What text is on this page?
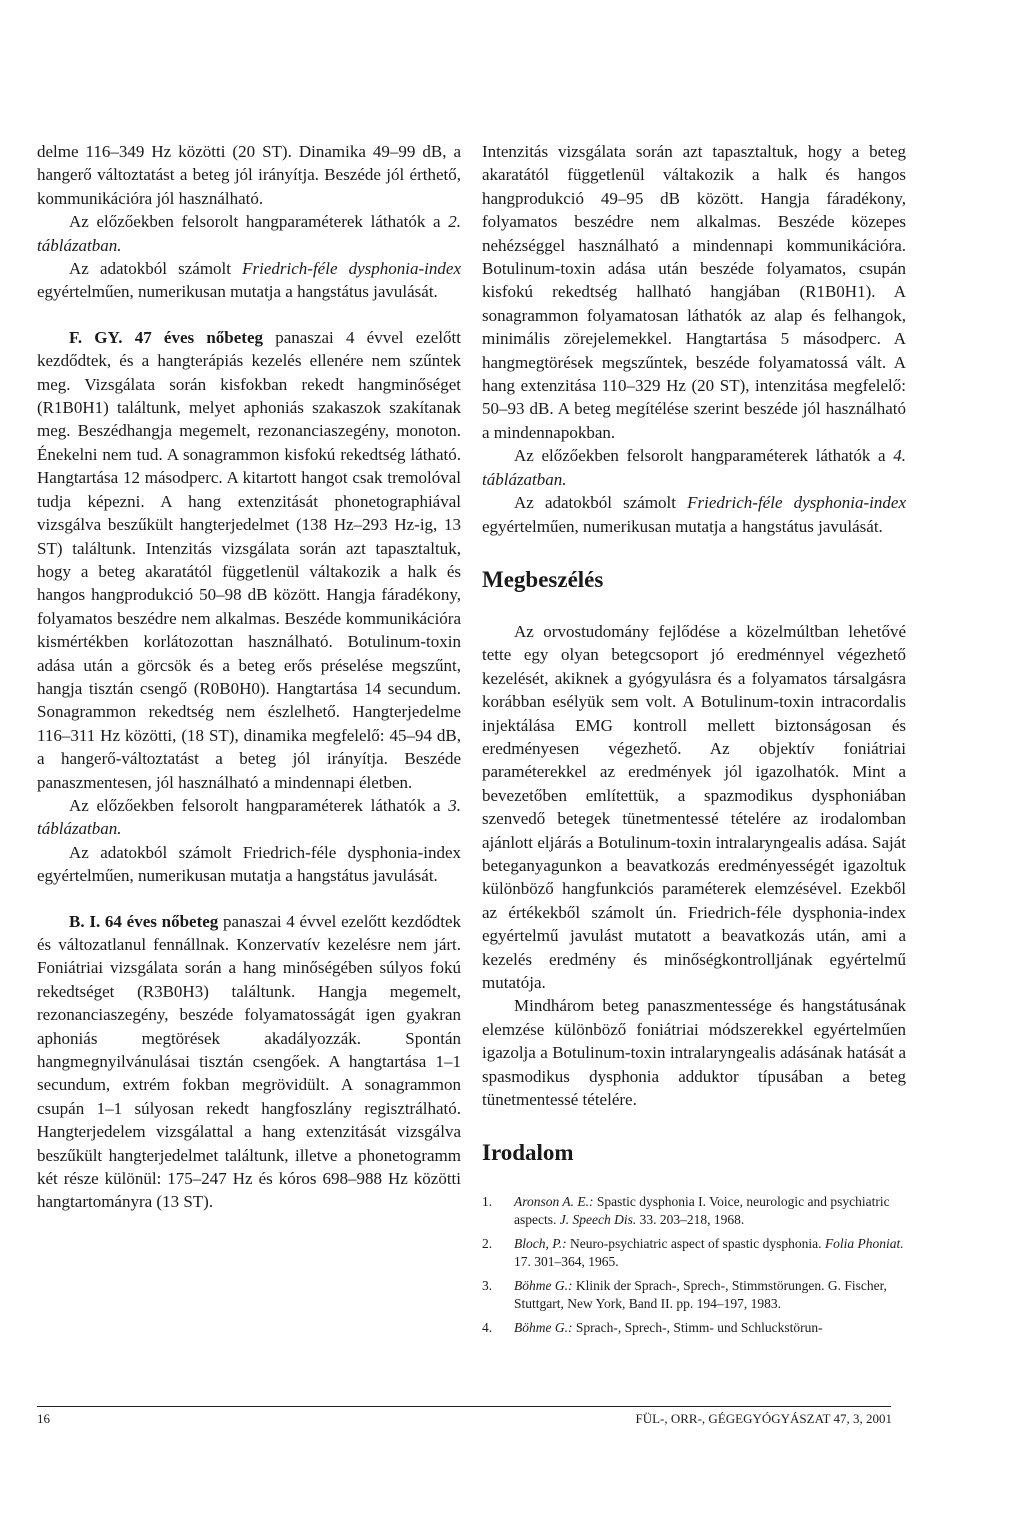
delme 116–349 Hz közötti (20 ST). Dinamika 49–99 dB, a hangerő változtatást a beteg jól irányítja. Beszéde jól érthető, kommunikációra jól használható.

Az előzőekben felsorolt hangparaméterek láthatók a 2. táblázatban.

Az adatokból számolt Friedrich-féle dysphonia-index egyértelműen, numerikusan mutatja a hangstátus javulását.

F. GY. 47 éves nőbeteg panaszai 4 évvel ezelőtt kezdődtek, és a hangterápiás kezelés ellenére nem szűntek meg. Vizsgálata során kisfokban rekedt hangminőséget (R1B0H1) találtunk, melyet aphoniás szakaszok szakítanak meg. Beszédhangja megemelt, rezonanciaszegény, monoton. Énekelni nem tud. A sonagrammon kisfokú rekedtség látható. Hangtartása 12 másodperc. A kitartott hangot csak tremolóval tudja képezni. A hang extenzitását phonetographiával vizsgálva beszűkült hangterjedelmet (138 Hz–293 Hz-ig, 13 ST) találtunk. Intenzitás vizsgálata során azt tapasztaltuk, hogy a beteg akaratától függetlenül váltakozik a halk és hangos hangprodukció 50–98 dB között. Hangja fáradékony, folyamatos beszédre nem alkalmas. Beszéde kommunikációra kismértékben korlátozottan használható. Botulinum-toxin adása után a görcsök és a beteg erős préselése megszűnt, hangja tisztán csengő (R0B0H0). Hangtartása 14 secundum. Sonagrammon rekedtség nem észlelhető. Hangterjedelme 116–311 Hz közötti, (18 ST), dinamika megfelelő: 45–94 dB, a hangerő-változtatást a beteg jól irányítja. Beszéde panaszmentesen, jól használható a mindennapi életben.

Az előzőekben felsorolt hangparaméterek láthatók a 3. táblázatban.

Az adatokból számolt Friedrich-féle dysphonia-index egyértelműen, numerikusan mutatja a hangstátus javulását.

B. I. 64 éves nőbeteg panaszai 4 évvel ezelőtt kezdődtek és változatlanul fennállnak. Konzervatív kezelésre nem járt. Foniátriai vizsgálata során a hang minőségében súlyos fokú rekedtséget (R3B0H3) találtunk. Hangja megemelt, rezonanciaszegény, beszéde folyamatosságát igen gyakran aphoniás megtörések akadályozzák. Spontán hangmegnyilvánulásai tisztán csengőek. A hangtartása 1–1 secundum, extrém fokban megrövidült. A sonagrammon csupán 1–1 súlyosan rekedt hangfoszlány regisztrálható. Hangterjedelem vizsgálattal a hang extenzitását vizsgálva beszűkült hangterjedelmet találtunk, illetve a phonetogramm két része különül: 175–247 Hz és kóros 698–988 Hz közötti hangtartományra (13 ST).

Intenzitás vizsgálata során azt tapasztaltuk, hogy a beteg akaratától függetlenül váltakozik a halk és hangos hangprodukció 49–95 dB között. Hangja fáradékony, folyamatos beszédre nem alkalmas. Beszéde közepes nehézséggel használható a mindennapi kommunikációra. Botulinum-toxin adása után beszéde folyamatos, csupán kisfokú rekedtség hallható hangjában (R1B0H1). A sonagrammon folyamatosan láthatók az alap és felhangok, minimális zörejelemekkel. Hangtartása 5 másodperc. A hangmegtörések megszűntek, beszéde folyamatossá vált. A hang extenzitása 110–329 Hz (20 ST), intenzitása megfelelő: 50–93 dB. A beteg megítélése szerint beszéde jól használható a mindennapokban.

Az előzőekben felsorolt hangparaméterek láthatók a 4. táblázatban.

Az adatokból számolt Friedrich-féle dysphonia-index egyértelműen, numerikusan mutatja a hangstátus javulását.

Megbeszélés

Az orvostudomány fejlődése a közelmúltban lehetővé tette egy olyan betegcsoport jó eredménnyel végezhető kezelését, akiknek a gyógyulásra és a folyamatos társalgásra korábban esélyük sem volt. A Botulinum-toxin intracordalis injektálása EMG kontroll mellett biztonságosan és eredményesen végezhető. Az objektív foniátriai paraméterekkel az eredmények jól igazolhatók. Mint a bevezetőben említettük, a spazmodikus dysphoniában szenvedő betegek tünetmentessé tételére az irodalomban ajánlott eljárás a Botulinum-toxin intralaryngealis adása. Saját beteganyagunkon a beavatkozás eredményességét igazoltuk különböző hangfunkciós paraméterek elemzésével. Ezekből az értékekből számolt ún. Friedrich-féle dysphonia-index egyértelmű javulást mutatott a beavatkozás után, ami a kezelés eredmény és minőségkontrolljának egyértelmű mutatója.

Mindhárom beteg panaszmentessége és hangstátusának elemzése különböző foniátriai módszerekkel egyértelműen igazolja a Botulinum-toxin intralaryngealis adásának hatását a spasmodikus dysphonia adduktor típusában a beteg tünetmentessé tételére.

Irodalom

1. Aronson A. E.: Spastic dysphonia I. Voice, neurologic and psychiatric aspects. J. Speech Dis. 33. 203–218, 1968.
2. Bloch, P.: Neuro-psychiatric aspect of spastic dysphonia. Folia Phoniat. 17. 301–364, 1965.
3. Böhme G.: Klinik der Sprach-, Sprech-, Stimmstörungen. G. Fischer, Stuttgart, New York, Band II. pp. 194–197, 1983.
4. Böhme G.: Sprach-, Sprech-, Stimm- und Schluckstörun-
16	FÜL-, ORR-, GÉGEGYÓGYÁSZAT 47, 3, 2001
